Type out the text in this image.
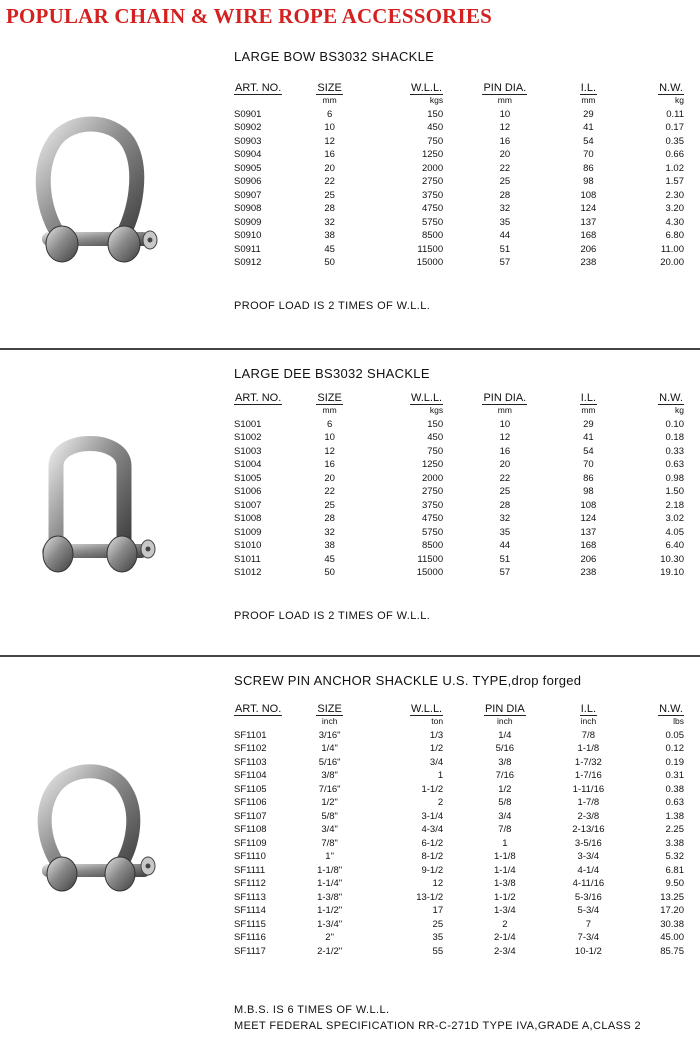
POPULAR CHAIN & WIRE ROPE ACCESSORIES
LARGE BOW BS3032 SHACKLE
ART. NO.	SIZE	W.L.L.	PIN DIA.	I.L.	N.W.
	mm	kgs	mm	mm	kg
S0901	6	150	10	29	0.11
S0902	10	450	12	41	0.17
S0903	12	750	16	54	0.35
S0904	16	1250	20	70	0.66
S0905	20	2000	22	86	1.02
S0906	22	2750	25	98	1.57
S0907	25	3750	28	108	2.30
S0908	28	4750	32	124	3.20
S0909	32	5750	35	137	4.30
S0910	38	8500	44	168	6.80
S0911	45	11500	51	206	11.00
S0912	50	15000	57	238	20.00

PROOF LOAD IS 2 TIMES OF W.L.L.

LARGE DEE BS3032 SHACKLE
ART. NO.	SIZE	W.L.L.	PIN DIA.	I.L.	N.W.
	mm	kgs	mm	mm	kg
S1001	6	150	10	29	0.10
S1002	10	450	12	41	0.18
S1003	12	750	16	54	0.33
S1004	16	1250	20	70	0.63
S1005	20	2000	22	86	0.98
S1006	22	2750	25	98	1.50
S1007	25	3750	28	108	2.18
S1008	28	4750	32	124	3.02
S1009	32	5750	35	137	4.05
S1010	38	8500	44	168	6.40
S1011	45	11500	51	206	10.30
S1012	50	15000	57	238	19.10

PROOF LOAD IS 2 TIMES OF W.L.L.

SCREW PIN ANCHOR SHACKLE U.S. TYPE,drop forged
ART. NO.	SIZE	W.L.L.	PIN DIA	I.L.	N.W.
	inch	ton	inch	inch	lbs
SF1101	3/16"	1/3	1/4	7/8	0.05
SF1102	1/4"	1/2	5/16	1-1/8	0.12
SF1103	5/16"	3/4	3/8	1-7/32	0.19
SF1104	3/8"	1	7/16	1-7/16	0.31
SF1105	7/16"	1-1/2	1/2	1-11/16	0.38
SF1106	1/2"	2	5/8	1-7/8	0.63
SF1107	5/8"	3-1/4	3/4	2-3/8	1.38
SF1108	3/4"	4-3/4	7/8	2-13/16	2.25
SF1109	7/8"	6-1/2	1	3-5/16	3.38
SF1110	1"	8-1/2	1-1/8	3-3/4	5.32
SF1111	1-1/8"	9-1/2	1-1/4	4-1/4	6.81
SF1112	1-1/4"	12	1-3/8	4-11/16	9.50
SF1113	1-3/8"	13-1/2	1-1/2	5-3/16	13.25
SF1114	1-1/2"	17	1-3/4	5-3/4	17.20
SF1115	1-3/4"	25	2	7	30.38
SF1116	2"	35	2-1/4	7-3/4	45.00
SF1117	2-1/2"	55	2-3/4	10-1/2	85.75

M.B.S. IS 6 TIMES OF W.L.L.

MEET FEDERAL SPECIFICATION RR-C-271D TYPE IVA,GRADE A,CLASS 2
